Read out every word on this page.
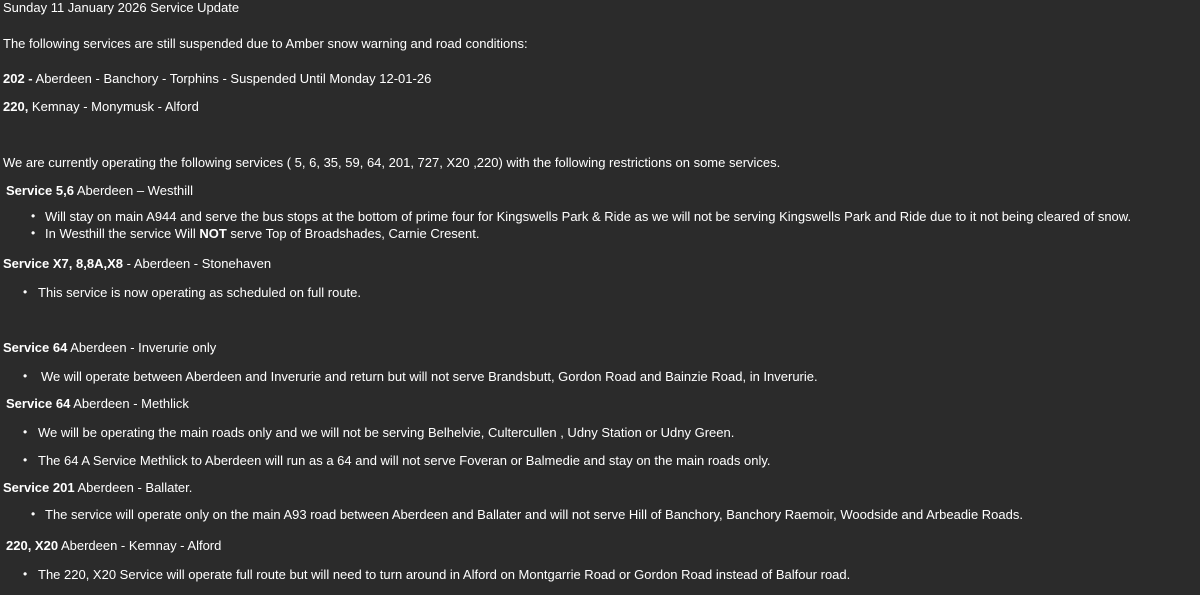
Sunday 11 January 2026 Service Update
The following services are still suspended due to Amber snow warning and road conditions:
202 - Aberdeen - Banchory - Torphins - Suspended Until Monday 12-01-26
220, Kemnay - Monymusk - Alford
We are currently operating the following services ( 5, 6, 35, 59, 64, 201, 727, X20 ,220) with the following restrictions on some services.
Service 5,6 Aberdeen – Westhill
• Will stay on main A944 and serve the bus stops at the bottom of prime four for Kingswells Park & Ride as we will not be serving Kingswells Park and Ride due to it not being cleared of snow.
• In Westhill the service Will NOT serve Top of Broadshades, Carnie Cresent.
Service X7, 8,8A,X8 - Aberdeen - Stonehaven
• This service is now operating as scheduled on full route.
Service 64 Aberdeen - Inverurie only
• We will operate between Aberdeen and Inverurie and return but will not serve Brandsbutt, Gordon Road and Bainzie Road, in Inverurie.
Service 64 Aberdeen - Methlick
• We will be operating the main roads only and we will not be serving Belhelvie, Cultercullen , Udny Station or Udny Green.
• The 64 A Service Methlick to Aberdeen will run as a 64 and will not serve Foveran or Balmedie and stay on the main roads only.
Service 201 Aberdeen - Ballater.
• The service will operate only on the main A93 road between Aberdeen and Ballater and will not serve Hill of Banchory, Banchory Raemoir, Woodside and Arbeadie Roads.
220, X20 Aberdeen - Kemnay - Alford
• The 220, X20 Service will operate full route but will need to turn around in Alford on Montgarrie Road or Gordon Road instead of Balfour road.
